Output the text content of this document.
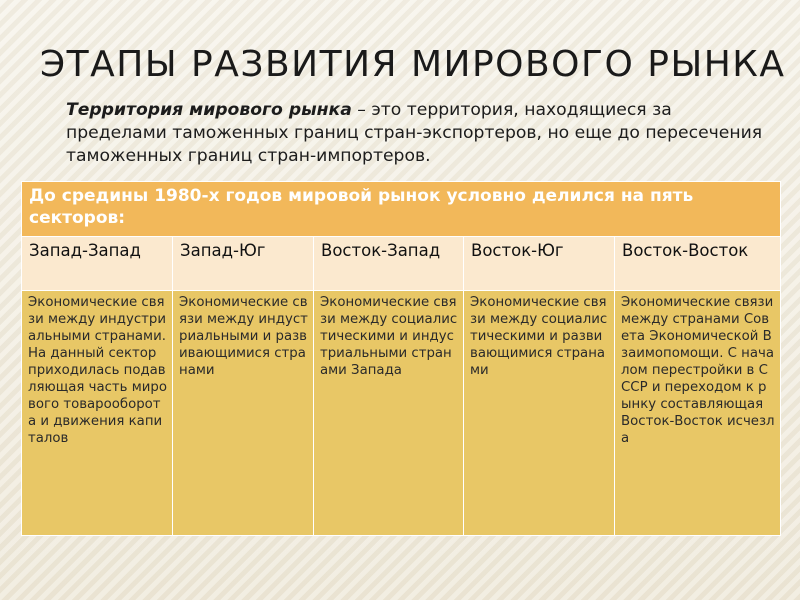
ЭТАПЫ РАЗВИТИЯ МИРОВОГО РЫНКА
Территория мирового рынка – это территория, находящиеся за пределами таможенных границ стран-экспортеров, но еще до пересечения таможенных границ стран-импортеров.
До средины 1980-х годов мировой рынок условно делился на пять секторов:				
Запад-Запад	Запад-Юг	Восток-Запад	Восток-Юг	Восток-Восток

Экономические связи между индустриальными странами. На данный сектор приходилась подавляющая часть мирового товарооборота и движения капиталов	Экономические связи между индустриальными и развивающимися странами	Экономические связи между социалистическими и индустриальными странами Запада	Экономические связи между социалистическими и развивающимися странами	Экономические связи между странами Совета Экономической Взаимопомощи. С началом перестройки в СССР и переходом к рынку составляющая Восток-Восток исчезла
